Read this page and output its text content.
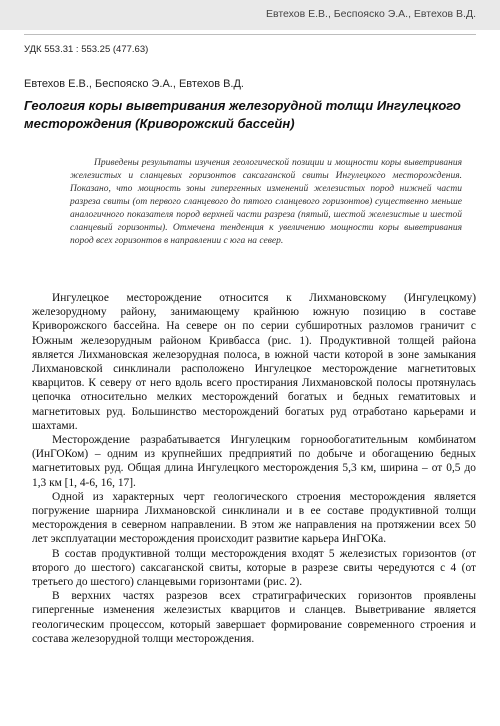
Евтехов Е.В., Беспояско Э.А., Евтехов В.Д.
УДК 553.31 : 553.25 (477.63)
Евтехов Е.В., Беспояско Э.А., Евтехов В.Д.
Геология коры выветривания железорудной толщи Ингулецкого месторождения (Криворожский бассейн)

Приведены результаты изучения геологической позиции и мощности коры выветривания железистых и сланцевых горизонтов саксаганской свиты Ингулецкого месторождения. Показано, что мощность зоны гипергенных изменений железистых пород нижней части разреза свиты (от первого сланцевого до пятого сланцевого горизонтов) существенно меньше аналогичного показателя пород верхней части разреза (пятый, шестой железистые и шестой сланцевый горизонты). Отмечена тенденция к увеличению мощности коры выветривания пород всех горизонтов в направлении с юга на север.

Ингулецкое месторождение относится к Лихмановскому (Ингулецкому) железорудному району, занимающему крайнюю южную позицию в составе Криворожского бассейна. На севере он по серии субширотных разломов граничит с Южным железорудным районом Кривбасса (рис. 1). Продуктивной толщей района является Лихмановская железорудная полоса, в южной части которой в зоне замыкания Лихмановской синклинали расположено Ингулецкое месторождение магнетитовых кварцитов. К северу от него вдоль всего простирания Лихмановской полосы протянулась цепочка относительно мелких месторождений богатых и бедных гематитовых и магнетитовых руд. Большинство месторождений богатых руд отработано карьерами и шахтами.

Месторождение разрабатывается Ингулецким горнообогатительным комбинатом (ИнГОКом) – одним из крупнейших предприятий по добыче и обогащению бедных магнетитовых руд. Общая длина Ингулецкого месторождения 5,3 км, ширина – от 0,5 до 1,3 км [1, 4-6, 16, 17].

Одной из характерных черт геологического строения месторождения является погружение шарнира Лихмановской синклинали и в ее составе продуктивной толщи месторождения в северном направлении. В этом же направления на протяжении всех 50 лет эксплуатации месторождения происходит развитие карьера ИнГОКа.

В состав продуктивной толщи месторождения входят 5 железистых горизонтов (от второго до шестого) саксаганской свиты, которые в разрезе свиты чередуются с 4 (от третьего до шестого) сланцевыми горизонтами (рис. 2).

В верхних частях разрезов всех стратиграфических горизонтов проявлены гипергенные изменения железистых кварцитов и сланцев. Выветривание является геологическим процессом, который завершает формирование современного строения и состава железорудной толщи месторождения.
